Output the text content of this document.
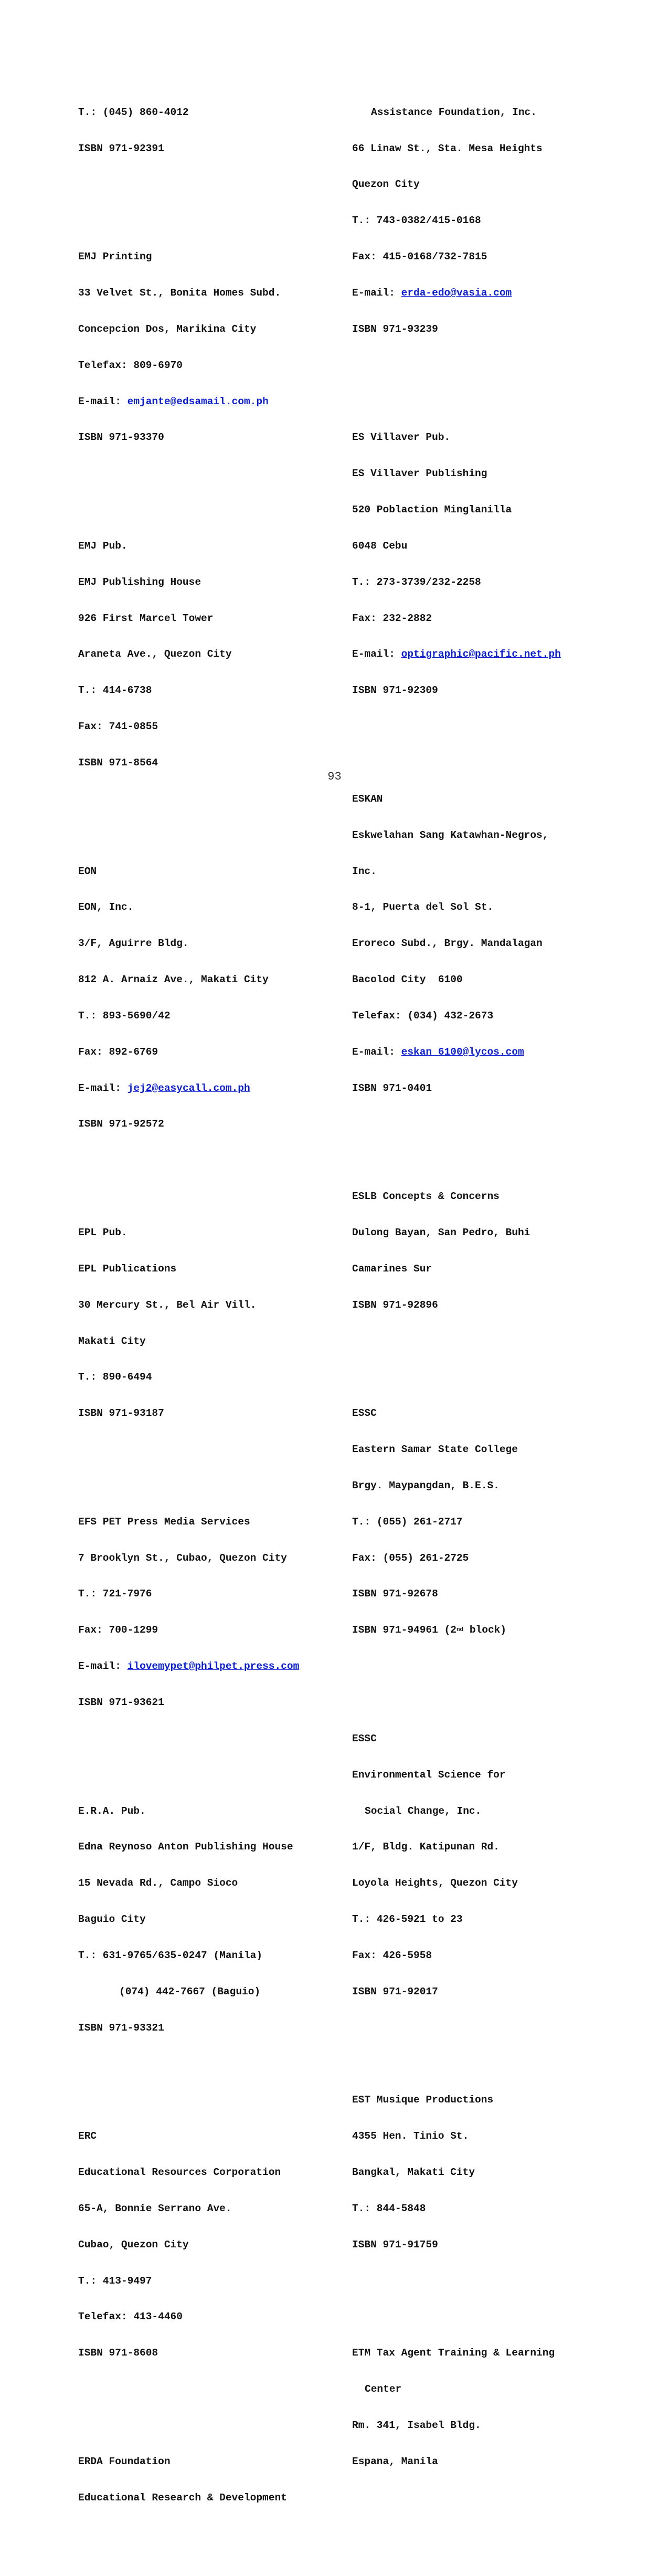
T.: (045) 860-4012

ISBN 971-92391

EMJ Printing

33 Velvet St., Bonita Homes Subd.

Concepcion Dos, Marikina City

Telefax: 809-6970

E-mail: emjante@edsamail.com.ph

ISBN 971-93370

EMJ Pub.

EMJ Publishing House

926 First Marcel Tower

Araneta Ave., Quezon City

T.: 414-6738

Fax: 741-0855

ISBN 971-8564

EON

EON, Inc.

3/F, Aguirre Bldg.

812 A. Arnaiz Ave., Makati City

T.: 893-5690/42

Fax: 892-6769

E-mail: jej2@easycall.com.ph

ISBN 971-92572

EPL Pub.

EPL Publications

30 Mercury St., Bel Air Vill.

Makati City

T.: 890-6494

ISBN 971-93187

EFS PET Press Media Services

7 Brooklyn St., Cubao, Quezon City

T.: 721-7976

Fax: 700-1299

E-mail: ilovemypet@philpet.press.com

ISBN 971-93621

E.R.A. Pub.

Edna Reynoso Anton Publishing House

15 Nevada Rd., Campo Sioco

Baguio City

T.: 631-9765/635-0247 (Manila)

(074) 442-7667 (Baguio)

ISBN 971-93321

ERC

Educational Resources Corporation

65-A, Bonnie Serrano Ave.

Cubao, Quezon City

T.: 413-9497

Telefax: 413-4460

ISBN 971-8608

ERDA Foundation

Educational Research & Development

Assistance Foundation, Inc.

66 Linaw St., Sta. Mesa Heights

Quezon City

T.: 743-0382/415-0168

Fax: 415-0168/732-7815

E-mail: erda-edo@vasia.com

ISBN 971-93239

ES Villaver Pub.

ES Villaver Publishing

520 Poblaction Minglanilla

6048 Cebu

T.: 273-3739/232-2258

Fax: 232-2882

E-mail: optigraphic@pacific.net.ph

ISBN 971-92309

ESKAN

Eskwelahan Sang Katawhan-Negros,

Inc.

8-1, Puerta del Sol St.

Eroreco Subd., Brgy. Mandalagan

Bacolod City  6100

Telefax: (034) 432-2673

E-mail: eskan_6100@lycos.com

ISBN 971-0401

ESLB Concepts & Concerns

Dulong Bayan, San Pedro, Buhi

Camarines Sur

ISBN 971-92896

ESSC

Eastern Samar State College

Brgy. Maypangdan, B.E.S.

T.: (055) 261-2717

Fax: (055) 261-2725

ISBN 971-92678

ISBN 971-94961 (2nd block)

ESSC

Environmental Science for

Social Change, Inc.

1/F, Bldg. Katipunan Rd.

Loyola Heights, Quezon City

T.: 426-5921 to 23

Fax: 426-5958

ISBN 971-92017

EST Musique Productions

4355 Hen. Tinio St.

Bangkal, Makati City

T.: 844-5848

ISBN 971-91759

ETM Tax Agent Training & Learning

Center

Rm. 341, Isabel Bldg.

Espana, Manila

93
